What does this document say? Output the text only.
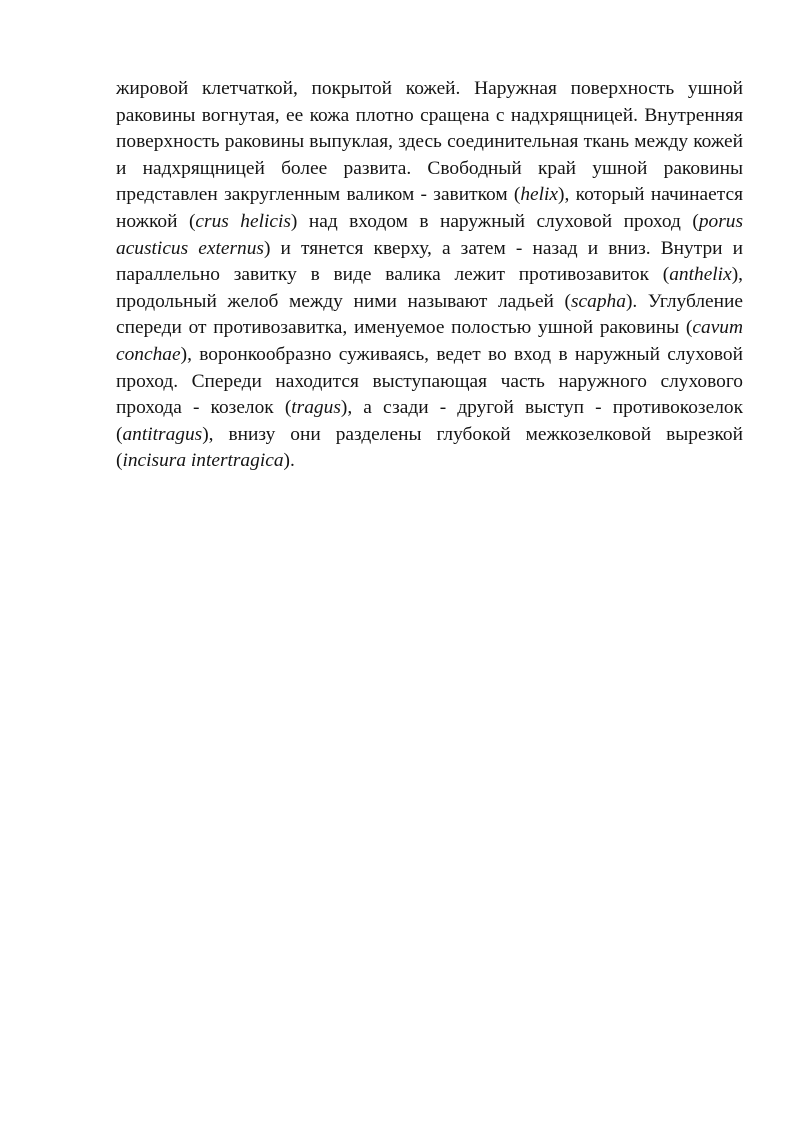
жировой клетчаткой, покрытой кожей. Наружная поверхность ушной раковины вогнутая, ее кожа плотно сращена с надхрящницей. Внутренняя поверхность раковины выпуклая, здесь соединительная ткань между кожей и надхрящницей более развита. Свободный край ушной раковины представлен закругленным валиком - завитком (helix), который начинается ножкой (crus helicis) над входом в наружный слуховой проход (porus acusticus externus) и тянется кверху, а затем - назад и вниз. Внутри и параллельно завитку в виде валика лежит противозавиток (anthelix), продольный желоб между ними называют ладьей (scapha). Углубление спереди от противозавитка, именуемое полостью ушной раковины (cavum conchae), воронкообразно суживаясь, ведет во вход в наружный слуховой проход. Спереди находится выступающая часть наружного слухового прохода - козелок (tragus), а сзади - другой выступ - противокозелок (antitragus), внизу они разделены глубокой межкозелковой вырезкой (incisura intertragica).
